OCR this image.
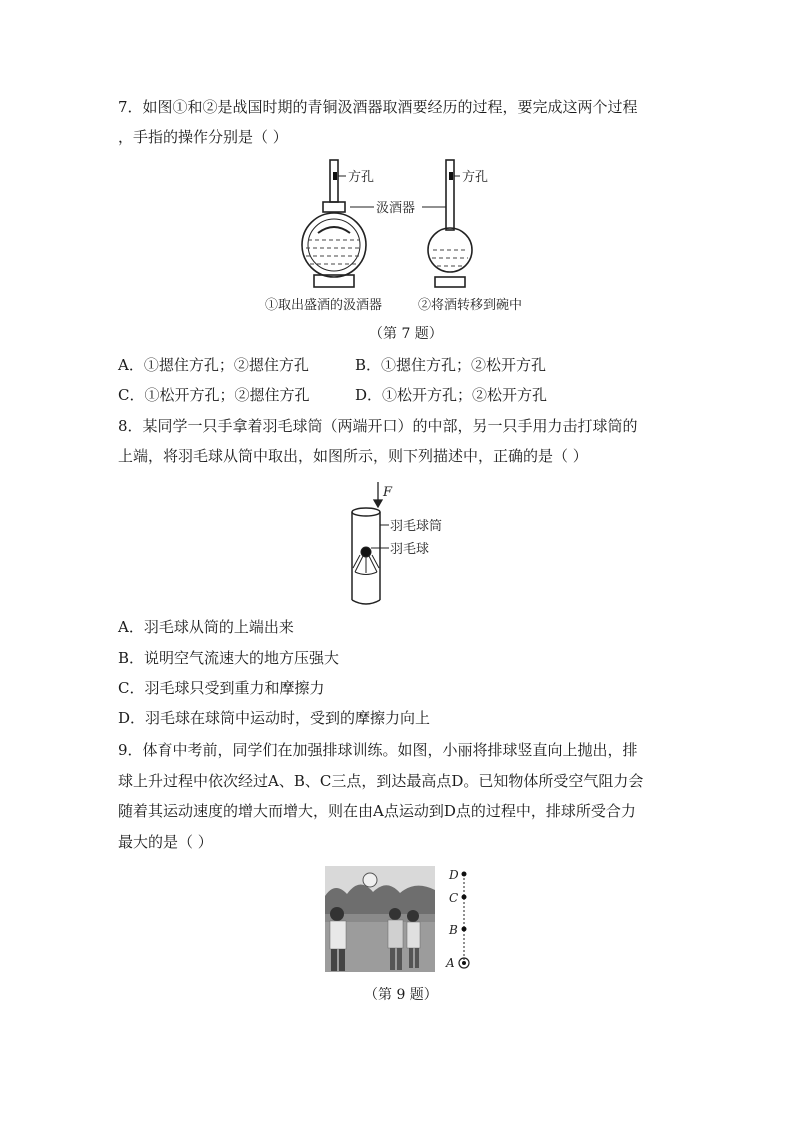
7．如图①和②是战国时期的青铜汲酒器取酒要经历的过程，要完成这两个过程
，手指的操作分别是（ ）
方孔	方孔
汲酒器
①取出盛酒的汲酒器	②将酒转移到碗中
（第 7 题）
A．①摁住方孔；②摁住方孔	B．①摁住方孔；②松开方孔
C．①松开方孔；②摁住方孔	D．①松开方孔；②松开方孔
8．某同学一只手拿着羽毛球筒（两端开口）的中部，另一只手用力击打球筒的
上端，将羽毛球从筒中取出，如图所示，则下列描述中，正确的是（ ）
F
羽毛球筒
羽毛球
A．羽毛球从筒的上端出来
B．说明空气流速大的地方压强大
C．羽毛球只受到重力和摩擦力
D．羽毛球在球筒中运动时，受到的摩擦力向上
9．体育中考前，同学们在加强排球训练。如图，小丽将排球竖直向上抛出，排
球上升过程中依次经过A、B、C三点，到达最高点D。已知物体所受空气阻力会
随着其运动速度的增大而增大，则在由A点运动到D点的过程中，排球所受合力
最大的是（ ）
D
C
B
A
（第 9 题）
